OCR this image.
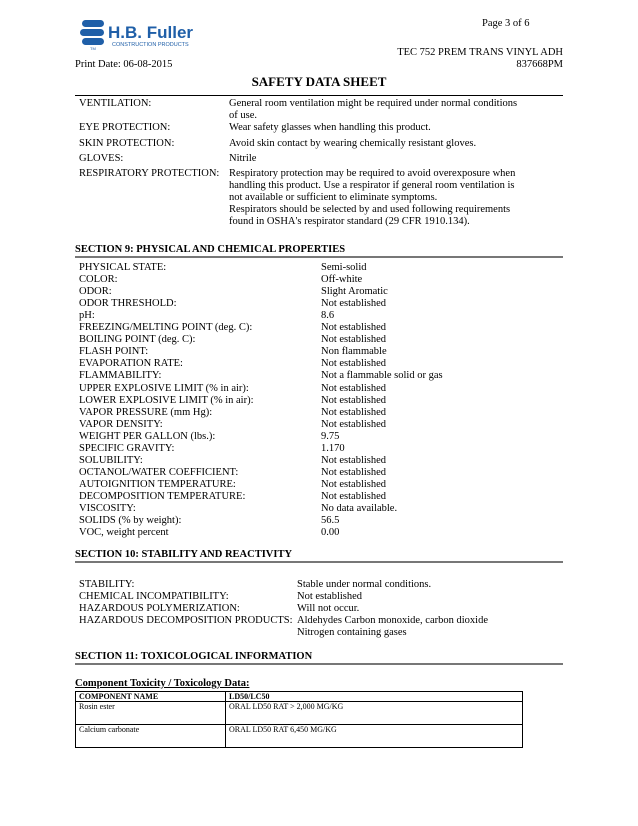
H.B. Fuller
CONSTRUCTION PRODUCTS
TM
Page 3 of 6
TEC 752 PREM TRANS VINYL ADH
Print Date: 06-08-2015	837668PM
SAFETY DATA SHEET
VENTILATION:	General room ventilation might be required under normal conditions
of use.
EYE PROTECTION:	Wear safety glasses when handling this product.
SKIN PROTECTION:	Avoid skin contact by wearing chemically resistant gloves.
GLOVES:	Nitrile
RESPIRATORY PROTECTION: Respiratory protection may be required to avoid overexposure when
handling this product. Use a respirator if general room ventilation is
not available or sufficient to eliminate symptoms.
Respirators should be selected by and used following requirements
found in OSHA's respirator standard (29 CFR 1910.134).
SECTION 9: PHYSICAL AND CHEMICAL PROPERTIES
PHYSICAL STATE:	Semi-solid
COLOR:	Off-white
ODOR:	Slight Aromatic
ODOR THRESHOLD:	Not established
pH:	8.6
FREEZING/MELTING POINT (deg. C):	Not established
BOILING POINT (deg. C):	Not established
FLASH POINT:	Non flammable
EVAPORATION RATE:	Not established
FLAMMABILITY:	Not a flammable solid or gas
UPPER EXPLOSIVE LIMIT (% in air):	Not established
LOWER EXPLOSIVE LIMIT (% in air):	Not established
VAPOR PRESSURE (mm Hg):	Not established
VAPOR DENSITY:	Not established
WEIGHT PER GALLON (lbs.):	9.75
SPECIFIC GRAVITY:	1.170
SOLUBILITY:	Not established
OCTANOL/WATER COEFFICIENT:	Not established
AUTOIGNITION TEMPERATURE:	Not established
DECOMPOSITION TEMPERATURE:	Not established
VISCOSITY:	No data available.
SOLIDS (% by weight):	56.5
VOC, weight percent	0.00
SECTION 10: STABILITY AND REACTIVITY
STABILITY:	Stable under normal conditions.
CHEMICAL INCOMPATIBILITY:	Not established
HAZARDOUS POLYMERIZATION:	Will not occur.
HAZARDOUS DECOMPOSITION PRODUCTS: Aldehydes Carbon monoxide, carbon dioxide
Nitrogen containing gases
SECTION 11: TOXICOLOGICAL INFORMATION
Component Toxicity / Toxicology Data:
COMPONENT NAME	LD50/LC50
Rosin ester	ORAL LD50 RAT > 2,000 MG/KG
Calcium carbonate	ORAL LD50 RAT 6,450 MG/KG
